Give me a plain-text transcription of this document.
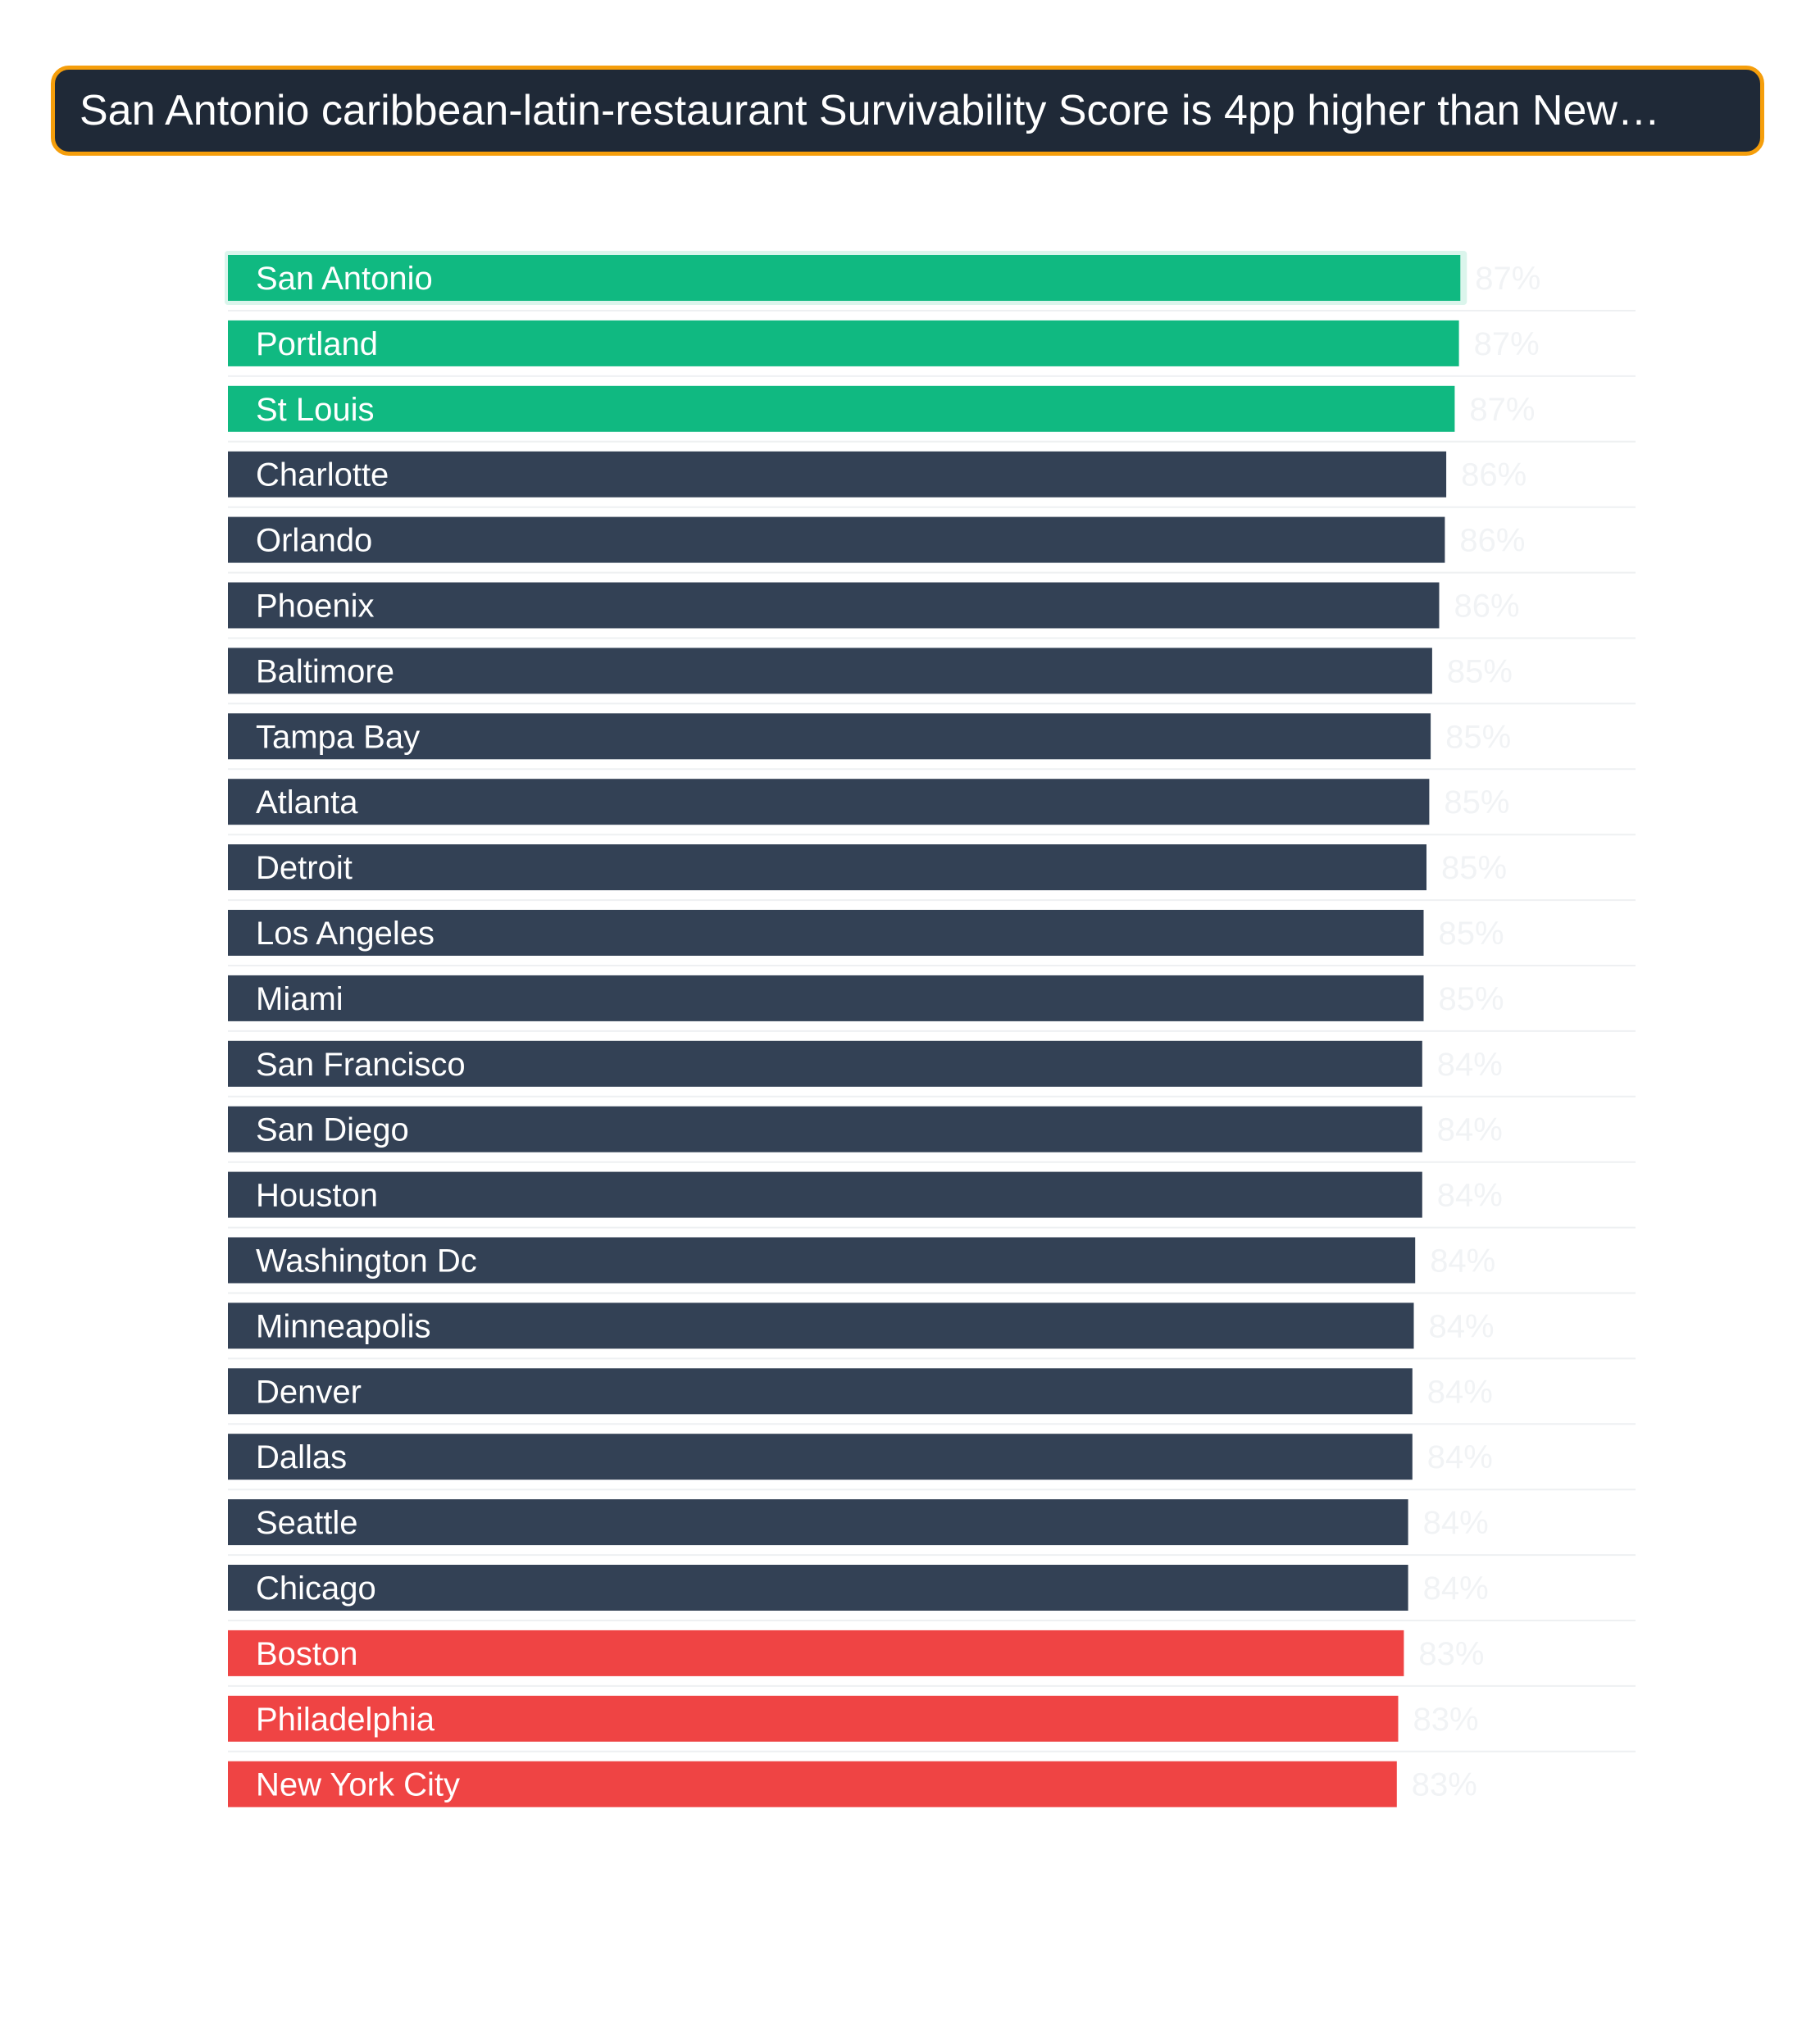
San Antonio caribbean-latin-restaurant Survivability Score is 4pp higher than New…
San Antonio	87%
Portland	87%
St Louis	87%
Charlotte	86%
Orlando	86%
Phoenix	86%
Baltimore	85%
Tampa Bay	85%
Atlanta	85%
Detroit	85%
Los Angeles	85%
Miami	85%
San Francisco	84%
San Diego	84%
Houston	84%
Washington Dc	84%
Minneapolis	84%
Denver	84%
Dallas	84%
Seattle	84%
Chicago	84%
Boston	83%
Philadelphia	83%
New York City	83%
